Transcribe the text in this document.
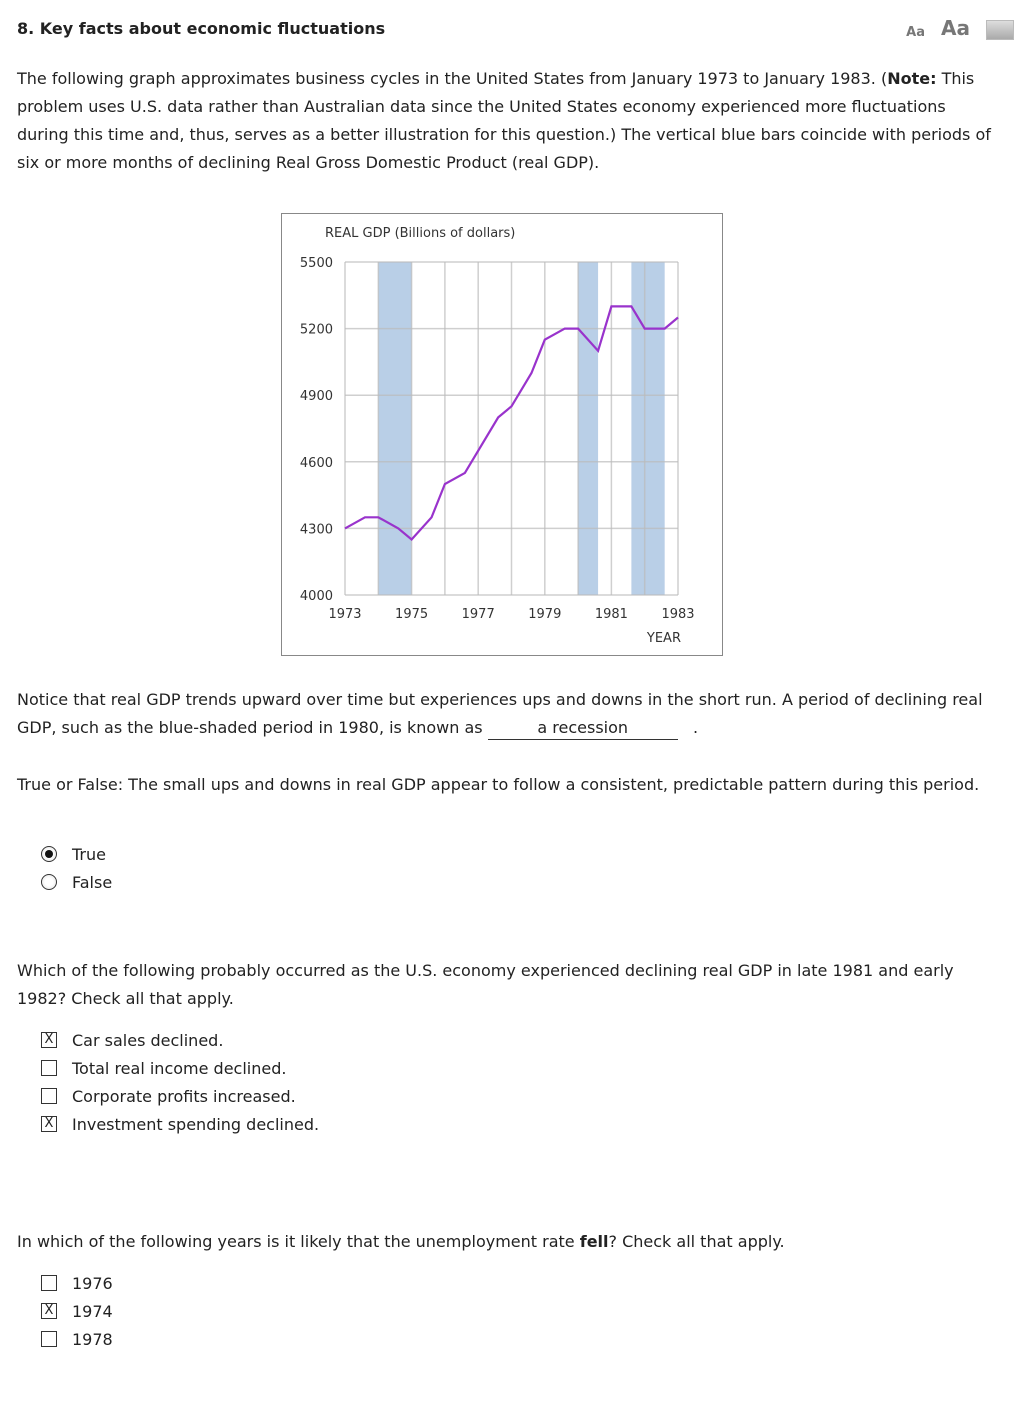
8. Key facts about economic fluctuations	Aa Aa

The following graph approximates business cycles in the United States from January 1973 to January 1983. (Note: This problem uses U.S. data rather than Australian data since the United States economy experienced more fluctuations during this time and, thus, serves as a better illustration for this question.) The vertical blue bars coincide with periods of six or more months of declining Real Gross Domestic Product (real GDP).

5500
5200
4900
4600
4300
4000
1973	1975	1977	1979	1981	1983
REAL GDP (Billions of dollars)
YEAR

Notice that real GDP trends upward over time but experiences ups and downs in the short run. A period of declining real GDP, such as the blue-shaded period in 1980, is known as	a recession	.

True or False: The small ups and downs in real GDP appear to follow a consistent, predictable pattern during this period.

True
False

Which of the following probably occurred as the U.S. economy experienced declining real GDP in late 1981 and early 1982? Check all that apply.

X Car sales declined.
Total real income declined.
Corporate profits increased.
X Investment spending declined.

In which of the following years is it likely that the unemployment rate fell? Check all that apply.

1976
X 1974
1978
